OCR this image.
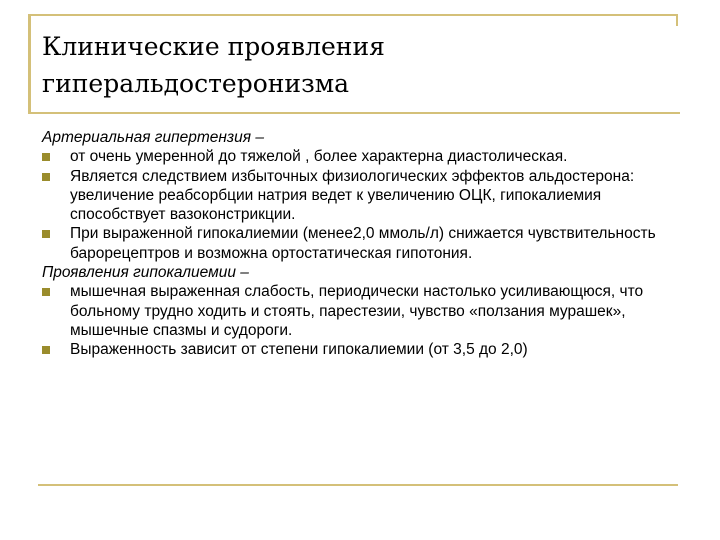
Клинические проявления
гиперальдостеронизма
Артериальная гипертензия –
от очень умеренной до тяжелой , более характерна диастолическая.
Является следствием избыточных физиологических эффектов альдостерона: увеличение реабсорбции натрия ведет к увеличению ОЦК, гипокалиемия способствует вазоконстрикции.
При выраженной гипокалиемии (менее2,0 ммоль/л) снижается чувствительность барорецептров и возможна ортостатическая гипотония.
Проявления гипокалиемии –
мышечная выраженная слабость, периодически настолько усиливающюся, что больному трудно ходить и стоять, парестезии, чувство «ползания мурашек», мышечные спазмы и судороги.
Выраженность зависит от степени гипокалиемии (от 3,5 до 2,0)
